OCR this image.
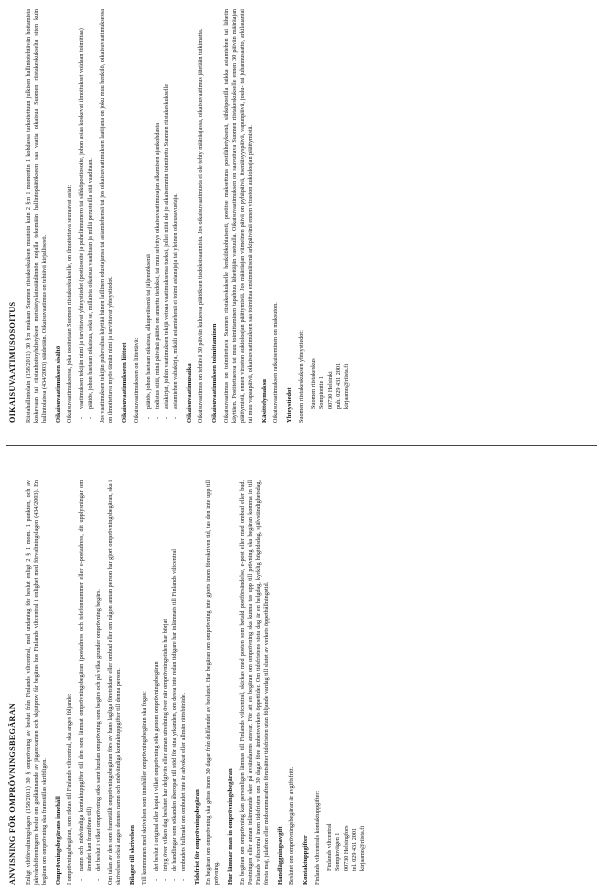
ANVISNING FÖR OMPRÖVNINGSBEGÄRAN Enligt viltförvaltningslagen (158/2011) 30 § omprövning av beslut från Finlands viltcentral, med undantag för beslut enligt 2 § 1 mom. 1 punkten, och av jaktvårdsföreningens beslut om godkännande av jägarexamen och skjutprov får begäras hos Finlands viltcentral i enlighet med förvaltningslagen (434/2003). En begäran om omprövning ska framställas skriftligen. Omprövningsbegärans innehåll I omprövningsbegäran, som riktas till Finlands viltcentral, ska anges följande: - namn och nödvändiga kontaktuppgifter till den som lämnat omprövningsbegäran (postadress och telefonnummer eller e-postadress, dit upplysningar om ärendet kan framföras till) - det beslut i vilket omprövning söks samt hurdan omprövning som begärs och på vilka grunder omprövning begärs. Om talan av den som framställt omprövningsbegäran förs av hans lagliga företrädare eller ombud eller om någon annan person har gjort omprövningsbegäran, ska i skrivelsen också anges dennes namn och nödvändiga kontaktuppgifter till denna person. Bilagor till skrivelsen Till kommunen med skrivelsen som innehåller omprövningsbegäran ska fogas: - det beslut i original eller kopia i vilket omprövning söks genom omprövningsbegäran - intyg över vilken dag beslutet har delgivits eller annan utredning över när omprövningstiden har börjat - de handlingar som sökanden åberopar till stöd för sina yrkanden, om dessa inte redan tidigare har inlämnats till Finlands viltcentral - ombudets fullmakt om ombudet inte är advokat eller allmän rättsbiträde. Tidsfrist för omprövningsbegäran En begäran om omprövning ska göras inom 30 dagar från delfåendet av beslutet. Har begäran om omprövning inte gjorts inom föreskriven tid, tas den inte upp till prövning. Hur lämnar man in omprövningsbegäran En begäran om omprövning kan personligen lämnas till Finlands viltcentral, skickas med posten som betald postförsändelse, e-post eller med ombud eller bud. Postningen eller annan inlämnande sker på avsändarens ansvar. För att en begäran om omprövning ska kunna tas upp till prövning ska begäran komma in till Finlands viltcentral inom tidsfristen om 30 dagar före ämbetsverkets öppettider. Om tidsfristens sista dag är en helgdag, kyrklig högtidsdag, självständighetsdag, första maj, julafton eller midsommarafton förutsätter tidsfristen utan följande vardag till slutet av verkets öppethållningstid. Handläggningsavgift Beslutet om omprövningsbegäran är avgiftsfritt. Kontaktuppgifter Finlands viltcentrals kontaktuppgifter: Finlands viltcentral Sompiovägen 1 00730 Helsingfors tel. 029 431 2001 kirjaamo@riista.fi
OIKAISUVAATIMUSOSOITUS Riistahallintolain (158/2011) 30 §:n mukaan Suomen riistakeskuksen muutoin kuin 2 §:n 1 momentin 1 kohdassa tarkoitettuun julkisen hallintotehtävän hoitamista koskevaan tai riistanhoitoyhdistyksen metsästyslainsäädännön nojalla tekemään hallintopäätökseen saa vaatia oikaisua Suomen riistakeskukselta siten kuin hallintolaissa (434/2003) säädetään. Oikaisuvaatimus on tehtävä kirjallisesti. Oikaisuvaatimuksen sisältö Oikaisuvaatimuksessa, joka osoitetaan Suomen riistakeskukselle, on ilmoitettava seuraavat asiat: - vaatimuksen tekijän nimi ja tarvittavat yhteystiedot (postiosoite ja puhelinnumero tai sähköpostiosoite, johon asiaa koskevat ilmoitukset voidaan toimittaa) - päätös, johon haetaan oikaisua, sekä se, millaista oikaisua vaaditaan ja millä perusteilla sitä vaaditaan. Jos vaatimuksen tekijän puhevaltaa käyttää hänen laillinen edustajansa tai asiamiehensä tai jos oikaisuvaatimuksen laatijana on joku muu henkilö, oikaisuvaatimuksessa on ilmoitettava myös tämän nimi ja tarvittavat yhteystiedot. Oikaisuvaatimukseen liitteet Oikaisuvaatimukseen on liitettävä: - päätös, johon haetaan oikaisua, alkuperäisenä tai jäljennöksenä - todistus siitä, minä päivänä päätös on annettu tiedoksi, tai muu selvitys oikaisuvaatimusajan alkamisen ajankohdasta - asiakirjat, joihin vaatimuksen tekijä vetoaa vaatimuksensa tueksi, jollei niitä ole jo aikaisemmin toimitettu Suomen riistakeskukselle - asiamiehen valtakirja, mikäli asiamiehenä ei toimi asianajaja tai yleinen oikeusavustaja. Oikaisuvaatimusaika Oikaisuvaatimus on tehtävä 30 päivän kuluessa päätöksen tiedoksisaannista. Jos oikaisuvaatimusta ei ole tehty määräajassa, oikaisuvaatimus jätetään tutkimatta. Oikaisuvaatimuksen toimittaminen Oikaisuvaatimus on toimitettava Suomen riistakeskukselle henkilökohtaisesti, postitse maksettuna postilähetyksenä, sähköpostilla taikka asiamiehen tai lähetin käyttäen. Postitettaessa tai muu toimittaminen tapahtuu lähettäjän vastuulla. Oikaisuvaatimuksen on saavuttava Suomen riistakeskukselle ennen 30 päivän määräajan päättymistä, ennen viraston aukioloajan päättymistä. Jos määräajan viimeinen päivä on pyhäpäivä, itsenäisyyspäivä, vapunpäivä, joulu- tai juhannusaatto, arkilauantai tai muu vapaapäivä, oikaisuvaatimuksen saa toimittaa ensimmäisenä arkipäivänä ennen viraston aukioloajan päättymistä. Käsittelymaksu Oikaisuvaatimuksen ratkaiseminen on maksuton. Yhteystiedot Suomen riistakeskuksen yhteystiedot: Suomen riistakeskus Sompiontie 1 00730 Helsinki puh. 029 431 2001 kirjaamo@riista.fi
